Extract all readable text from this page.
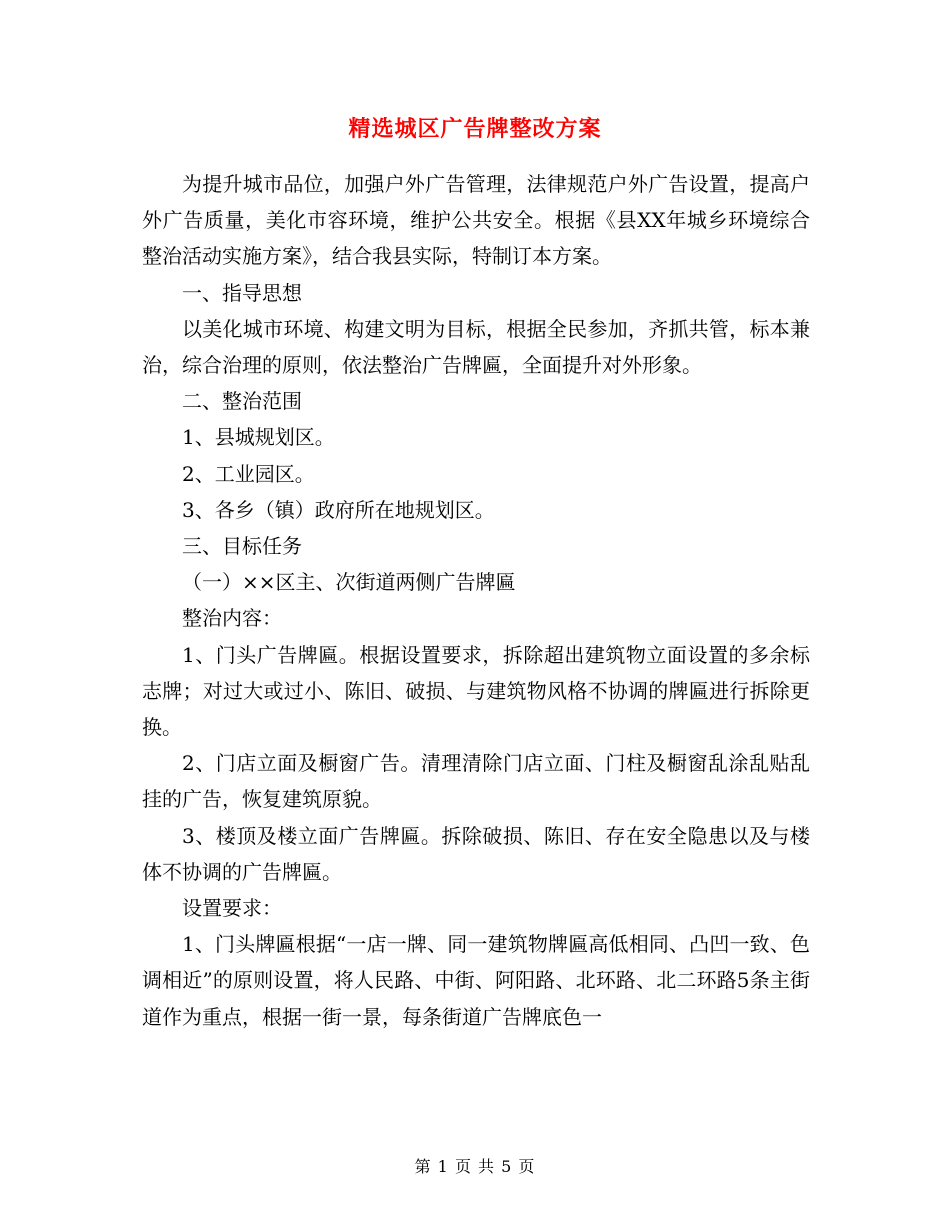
精选城区广告牌整改方案

为提升城市品位，加强户外广告管理，法律规范户外广告设置，提高户外广告质量，美化市容环境，维护公共安全。根据《县XX年城乡环境综合整治活动实施方案》，结合我县实际，特制订本方案。

一、指导思想

以美化城市环境、构建文明为目标，根据全民参加，齐抓共管，标本兼治，综合治理的原则，依法整治广告牌匾，全面提升对外形象。

二、整治范围

1、县城规划区。

2、工业园区。

3、各乡（镇）政府所在地规划区。

三、目标任务

（一）××区主、次街道两侧广告牌匾

整治内容：

1、门头广告牌匾。根据设置要求，拆除超出建筑物立面设置的多余标志牌；对过大或过小、陈旧、破损、与建筑物风格不协调的牌匾进行拆除更换。

2、门店立面及橱窗广告。清理清除门店立面、门柱及橱窗乱涂乱贴乱挂的广告，恢复建筑原貌。

3、楼顶及楼立面广告牌匾。拆除破损、陈旧、存在安全隐患以及与楼体不协调的广告牌匾。

设置要求：

1、门头牌匾根据“一店一牌、同一建筑物牌匾高低相同、凸凹一致、色调相近”的原则设置，将人民路、中街、阿阳路、北环路、北二环路5条主街道作为重点，根据一街一景，每条街道广告牌底色一

第 1 页 共 5 页
